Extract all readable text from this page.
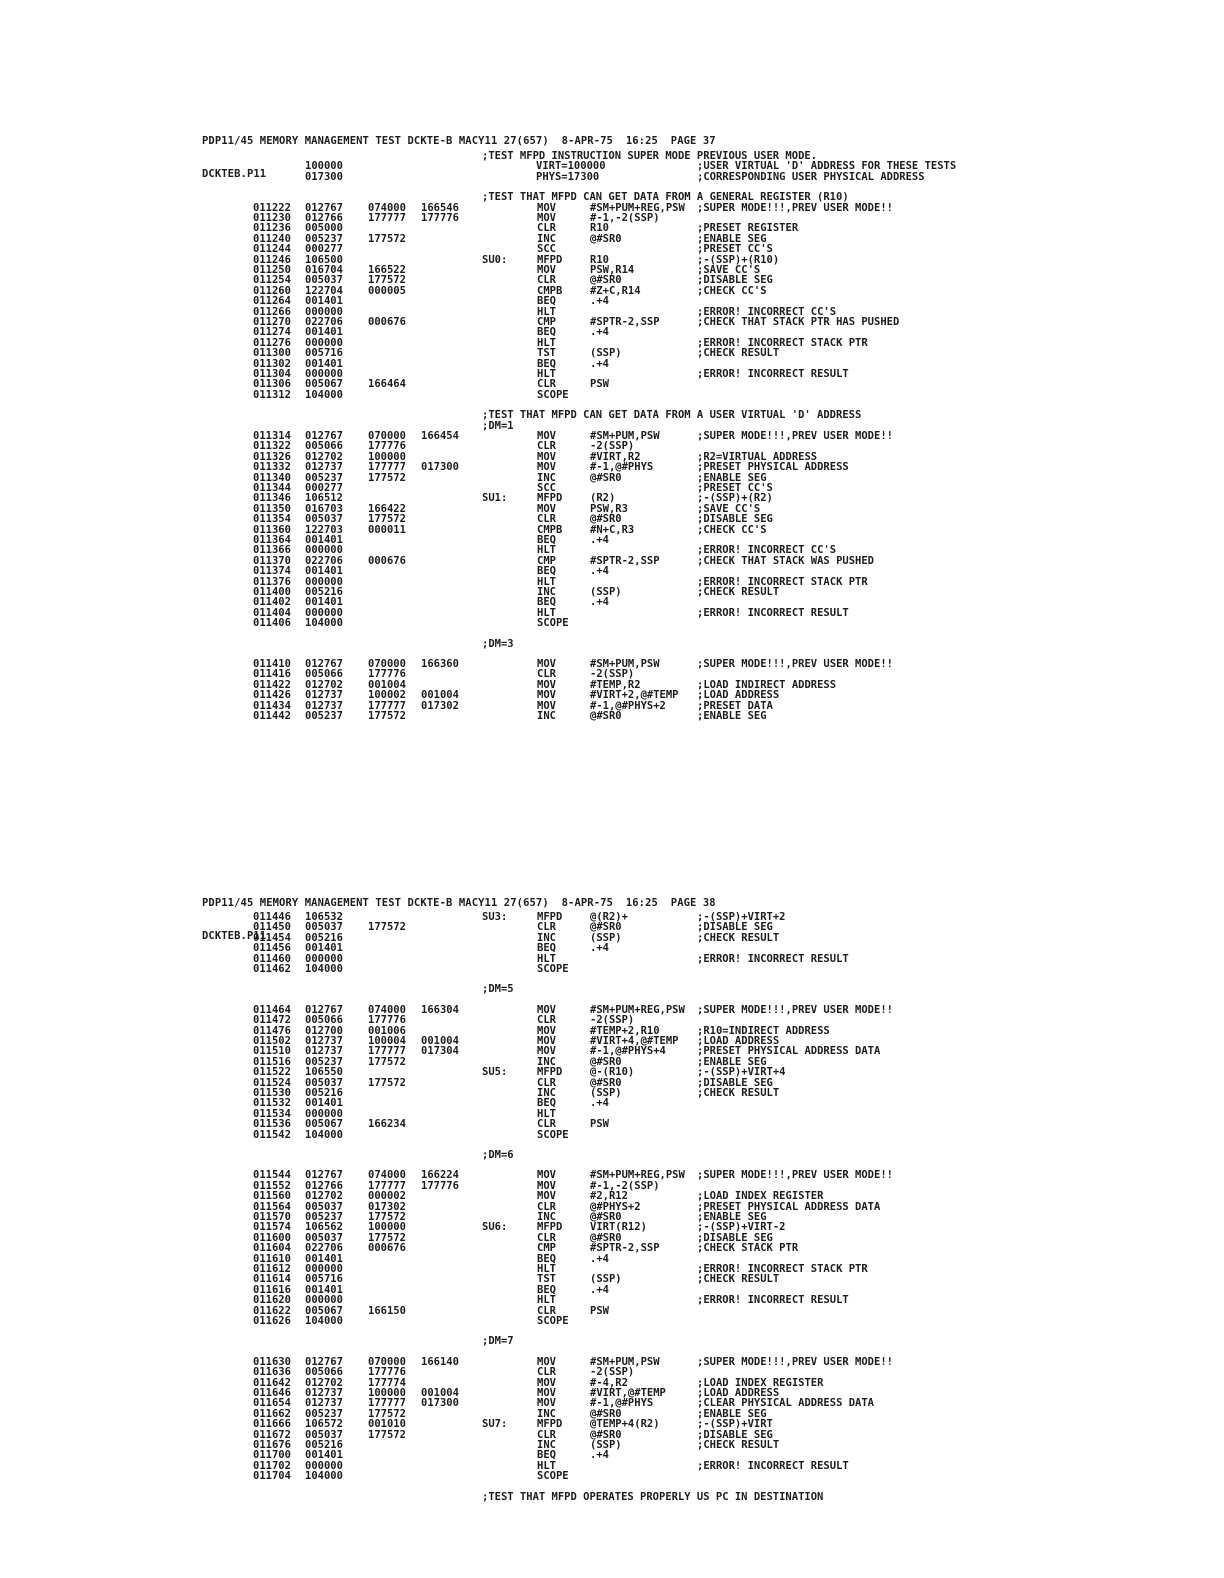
PDP11/45 MEMORY MANAGEMENT TEST DCKTE-B MACY11 27(657)  8-APR-75  16:25  PAGE 37

DCKTEB.P11

;TEST MFPD INSTRUCTION SUPER MODE PREVIOUS USER MODE.
100000	VIRT=100000	;USER VIRTUAL 'D' ADDRESS FOR THESE TESTS
017300	PHYS=17300	;CORRESPONDING USER PHYSICAL ADDRESS
;TEST THAT MFPD CAN GET DATA FROM A GENERAL REGISTER (R10)
011222 012767 074000 166546	MOV	#SM+PUM+REG,PSW ;SUPER MODE!!!,PREV USER MODE!!
011230 012766 177777 177776	MOV	#-1,-2(SSP)
011236 005000	CLR	R10	;PRESET REGISTER
011240 005237 177572	INC	@#SR0	;ENABLE SEG
011244 000277	SCC	;PRESET CC'S
011246 106500	SU0:	MFPD	R10	;-(SSP)+(R10)
011250 016704 166522	MOV	PSW,R14	;SAVE CC'S
011254 005037 177572	CLR	@#SR0	;DISABLE SEG
011260 122704 000005	CMPB	#Z+C,R14	;CHECK CC'S
011264 001401	BEQ	.+4
011266 000000	HLT	;ERROR! INCORRECT CC'S
011270 022706 000676	CMP	#SPTR-2,SSP	;CHECK THAT STACK PTR HAS PUSHED
011274 001401	BEQ	.+4
011276 000000	HLT	;ERROR! INCORRECT STACK PTR
011300 005716	TST	(SSP)	;CHECK RESULT
011302 001401	BEQ	.+4
011304 000000	HLT	;ERROR! INCORRECT RESULT
011306 005067 166464	CLR	PSW
011312 104000	SCOPE
;TEST THAT MFPD CAN GET DATA FROM A USER VIRTUAL 'D' ADDRESS
;DM=1
011314 012767 070000 166454	MOV	#SM+PUM,PSW	;SUPER MODE!!!,PREV USER MODE!!
011322 005066 177776	CLR	-2(SSP)
011326 012702 100000	MOV	#VIRT,R2	;R2=VIRTUAL ADDRESS
011332 012737 177777 017300	MOV	#-1,@#PHYS	;PRESET PHYSICAL ADDRESS
011340 005237 177572	INC	@#SR0	;ENABLE SEG
011344 000277	SCC	;PRESET CC'S
011346 106512	SU1:	MFPD	(R2)	;-(SSP)+(R2)
011350 016703 166422	MOV	PSW,R3	;SAVE CC'S
011354 005037 177572	CLR	@#SR0	;DISABLE SEG
011360 122703 000011	CMPB	#N+C,R3	;CHECK CC'S
011364 001401	BEQ	.+4
011366 000000	HLT	;ERROR! INCORRECT CC'S
011370 022706 000676	CMP	#SPTR-2,SSP	;CHECK THAT STACK WAS PUSHED
011374 001401	BEQ	.+4
011376 000000	HLT	;ERROR! INCORRECT STACK PTR
011400 005216	INC	(SSP)	;CHECK RESULT
011402 001401	BEQ	.+4
011404 000000	HLT	;ERROR! INCORRECT RESULT
011406 104000	SCOPE
;DM=3
011410 012767 070000 166360	MOV	#SM+PUM,PSW	;SUPER MODE!!!,PREV USER MODE!!
011416 005066 177776	CLR	-2(SSP)
011422 012702 001004	MOV	#TEMP,R2	;LOAD INDIRECT ADDRESS
011426 012737 100002 001004	MOV	#VIRT+2,@#TEMP ;LOAD ADDRESS
011434 012737 177777 017302	MOV	#-1,@#PHYS+2	;PRESET DATA
011442 005237 177572	INC	@#SR0	;ENABLE SEG

PDP11/45 MEMORY MANAGEMENT TEST DCKTE-B MACY11 27(657)  8-APR-75  16:25  PAGE 38

DCKTEB.P11

011446 106532	SU3:	MFPD	@(R2)+	;-(SSP)+VIRT+2
011450 005037 177572	CLR	@#SR0	;DISABLE SEG
011454 005216	INC	(SSP)	;CHECK RESULT
011456 001401	BEQ	.+4
011460 000000	HLT	;ERROR! INCORRECT RESULT
011462 104000	SCOPE
;DM=5
011464 012767 074000 166304	MOV	#SM+PUM+REG,PSW ;SUPER MODE!!!,PREV USER MODE!!
011472 005066 177776	CLR	-2(SSP)
011476 012700 001006	MOV	#TEMP+2,R10	;R10=INDIRECT ADDRESS
011502 012737 100004 001004	MOV	#VIRT+4,@#TEMP ;LOAD ADDRESS
011510 012737 177777 017304	MOV	#-1,@#PHYS+4	;PRESET PHYSICAL ADDRESS DATA
011516 005237 177572	INC	@#SR0	;ENABLE SEG
011522 106550	SU5:	MFPD	@-(R10)	;-(SSP)+VIRT+4
011524 005037 177572	CLR	@#SR0	;DISABLE SEG
011530 005216	INC	(SSP)	;CHECK RESULT
011532 001401	BEQ	.+4
011534 000000	HLT
011536 005067 166234	CLR	PSW
011542 104000	SCOPE
;DM=6
011544 012767 074000 166224	MOV	#SM+PUM+REG,PSW ;SUPER MODE!!!,PREV USER MODE!!
011552 012766 177777 177776	MOV	#-1,-2(SSP)
011560 012702 000002	MOV	#2,R12	;LOAD INDEX REGISTER
011564 005037 017302	CLR	@#PHYS+2	;PRESET PHYSICAL ADDRESS DATA
011570 005237 177572	INC	@#SR0	;ENABLE SEG
011574 106562 100000	SU6:	MFPD	VIRT(R12)	;-(SSP)+VIRT-2
011600 005037 177572	CLR	@#SR0	;DISABLE SEG
011604 022706 000676	CMP	#SPTR-2,SSP	;CHECK STACK PTR
011610 001401	BEQ	.+4
011612 000000	HLT	;ERROR! INCORRECT STACK PTR
011614 005716	TST	(SSP)	;CHECK RESULT
011616 001401	BEQ	.+4
011620 000000	HLT	;ERROR! INCORRECT RESULT
011622 005067 166150	CLR	PSW
011626 104000	SCOPE
;DM=7
011630 012767 070000 166140	MOV	#SM+PUM,PSW	;SUPER MODE!!!,PREV USER MODE!!
011636 005066 177776	CLR	-2(SSP)
011642 012702 177774	MOV	#-4,R2	;LOAD INDEX REGISTER
011646 012737 100000 001004	MOV	#VIRT,@#TEMP	;LOAD ADDRESS
011654 012737 177777 017300	MOV	#-1,@#PHYS	;CLEAR PHYSICAL ADDRESS DATA
011662 005237 177572	INC	@#SR0	;ENABLE SEG
011666 106572 001010	SU7:	MFPD	@TEMP+4(R2)	;-(SSP)+VIRT
011672 005037 177572	CLR	@#SR0	;DISABLE SEG
011676 005216	INC	(SSP)	;CHECK RESULT
011700 001401	BEQ	.+4
011702 000000	HLT	;ERROR! INCORRECT RESULT
011704 104000	SCOPE
;TEST THAT MFPD OPERATES PROPERLY US PC IN DESTINATION
